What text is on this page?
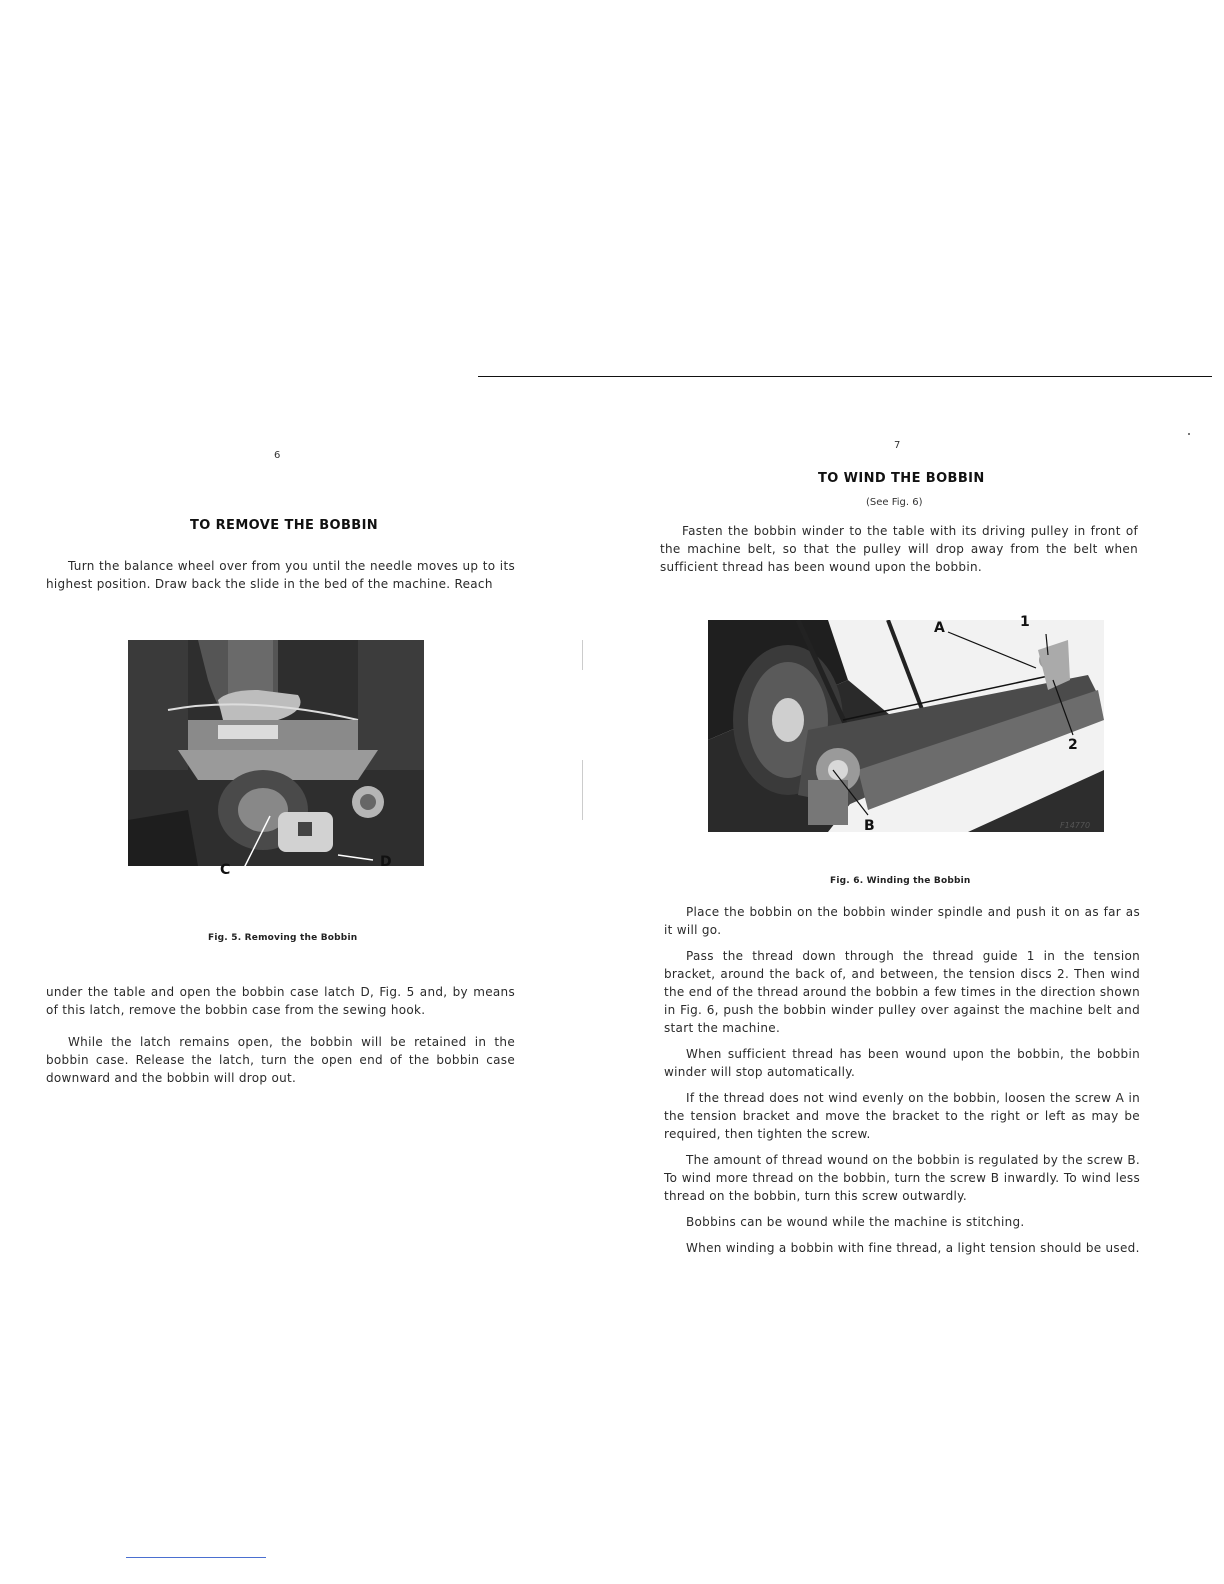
6
TO REMOVE THE BOBBIN

Turn the balance wheel over from you until the needle moves up to its highest position. Draw back the slide in the bed of the machine. Reach

C	D
Fig. 5. Removing the Bobbin

under the table and open the bobbin case latch D, Fig. 5 and, by means of this latch, remove the bobbin case from the sewing hook.

While the latch remains open, the bobbin will be retained in the bobbin case. Release the latch, turn the open end of the bobbin case downward and the bobbin will drop out.

7
TO WIND THE BOBBIN
(See Fig. 6)

Fasten the bobbin winder to the table with its driving pulley in front of the machine belt, so that the pulley will drop away from the belt when sufficient thread has been wound upon the bobbin.

A	1
2
B	F14770
Fig. 6. Winding the Bobbin

Place the bobbin on the bobbin winder spindle and push it on as far as it will go.

Pass the thread down through the thread guide 1 in the tension bracket, around the back of, and between, the tension discs 2. Then wind the end of the thread around the bobbin a few times in the direction shown in Fig. 6, push the bobbin winder pulley over against the machine belt and start the machine.

When sufficient thread has been wound upon the bobbin, the bobbin winder will stop automatically.

If the thread does not wind evenly on the bobbin, loosen the screw A in the tension bracket and move the bracket to the right or left as may be required, then tighten the screw.

The amount of thread wound on the bobbin is regulated by the screw B. To wind more thread on the bobbin, turn the screw B inwardly. To wind less thread on the bobbin, turn this screw outwardly.

Bobbins can be wound while the machine is stitching.

When winding a bobbin with fine thread, a light tension should be used.
